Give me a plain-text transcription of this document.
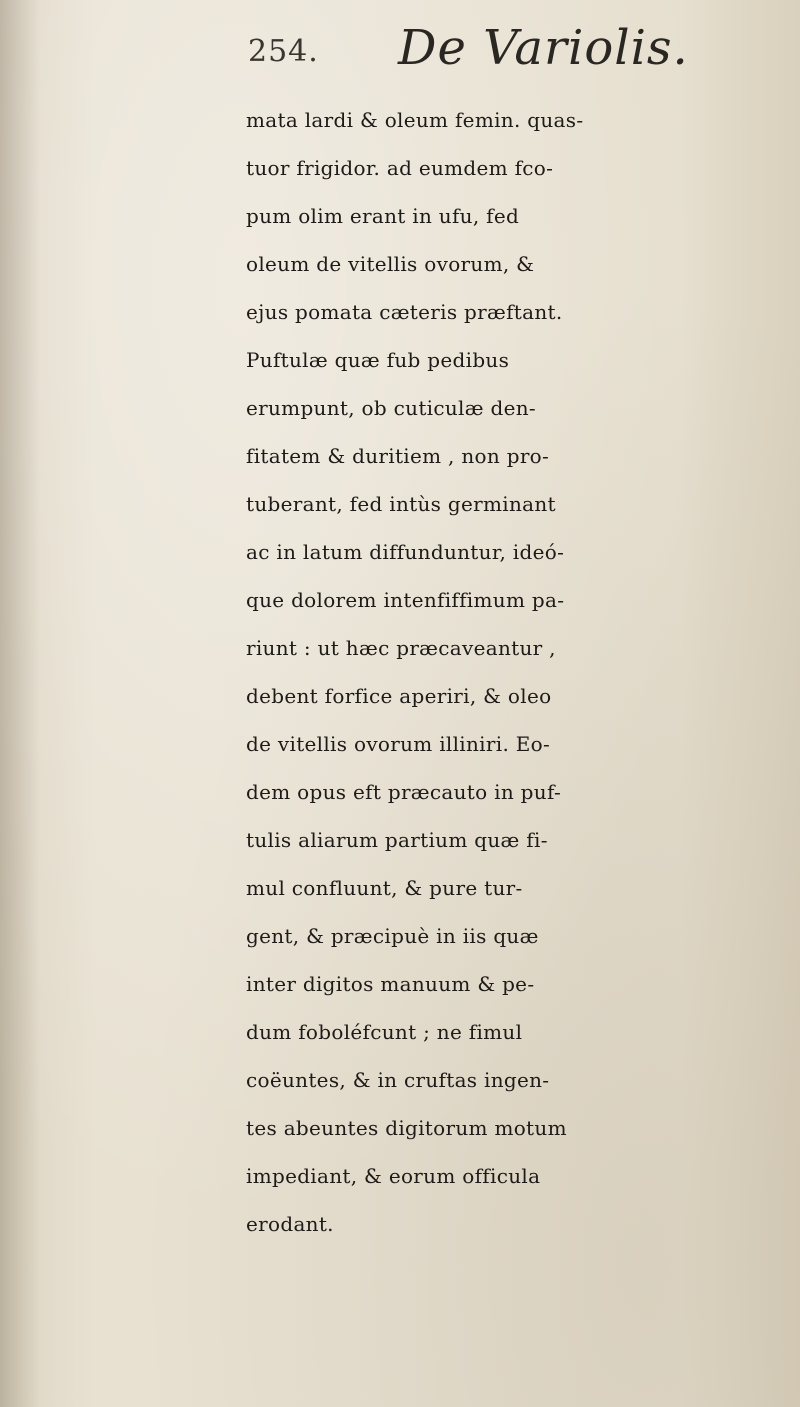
254. De Variolis.
mata lardi & oleum femin. quas-
tuor frigidor. ad eumdem fco-
pum olim erant in ufu, fed
oleum de vitellis ovorum, &
ejus pomata cæteris præftant.
Puftulæ quæ fub pedibus
erumpunt, ob cuticulæ den-
fitatem & duritiem , non pro-
tuberant, fed intùs germinant
ac in latum diffunduntur, ideó-
que dolorem intenfiffimum pa-
riunt : ut hæc præcaveantur ,
debent forfice aperiri, & oleo
de vitellis ovorum illiniri. Eo-
dem opus eft præcauto in puf-
tulis aliarum partium quæ fi-
mul confluunt, & pure tur-
gent, & præcipuè in iis quæ
inter digitos manuum & pe-
dum foboléfcunt ; ne fimul
coëuntes, & in cruftas ingen-
tes abeuntes digitorum motum
impediant, & eorum officula
erodant.
